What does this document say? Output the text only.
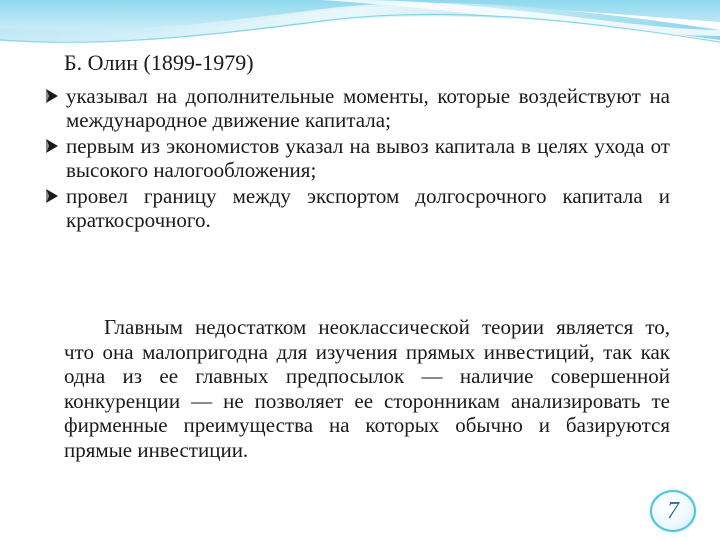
Б. Олин (1899-1979)

указывал на дополнительные моменты, которые воздействуют на международное движение капитала;
первым из экономистов указал на вывоз капитала в целях ухода от высокого налогообложения;
провел границу между экспортом долгосрочного капитала и краткосрочного.

Главным недостатком неоклассической теории является то, что она малопригодна для изучения прямых инвестиций, так как одна из ее главных предпосылок — наличие совершенной конкуренции — не позволяет ее сторонникам анализировать те фирменные преимущества на которых обычно и базируются прямые инвестиции.

7
